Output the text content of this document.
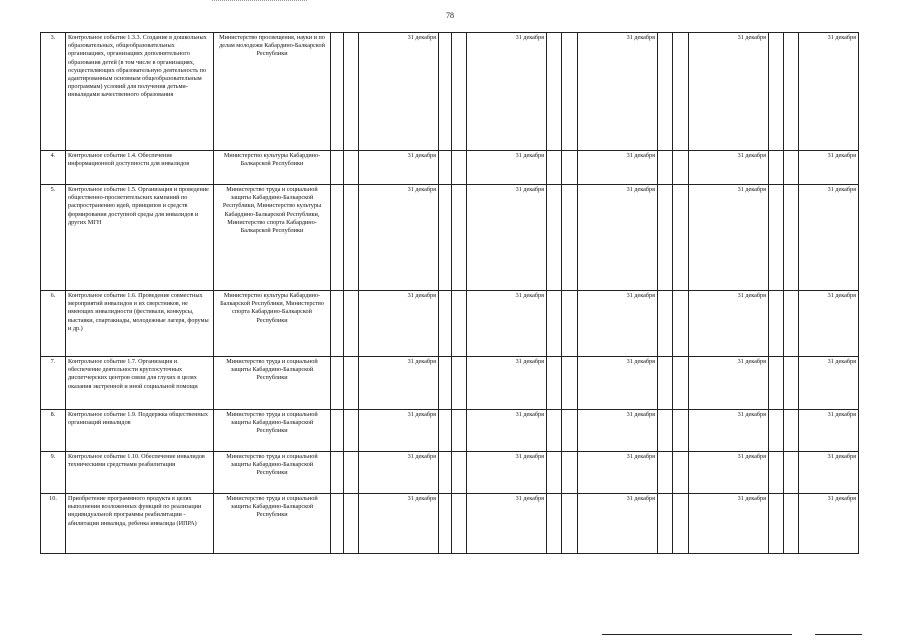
78
3.	Контрольное событие 1.3.3. Создание в дошкольных образовательных, общеобразовательных организациях, организациях дополнительного образования детей (в том числе в организациях, осуществляющих образовательную деятельность по адаптированным основным общеобразовательным программам) условий для получения детьми-инвалидами качественного образования	Министерство просвещения, науки и по делам молодежи Кабардино-Балкарской Республики			31 декабря			31 декабря			31 декабря			31 декабря			31 декабря
4.	Контрольное событие 1.4. Обеспечение информационной доступности для инвалидов	Министерство культуры Кабардино-Балкарской Республики			31 декабря			31 декабря			31 декабря			31 декабря			31 декабря
5.	Контрольное событие 1.5. Организация и проведение общественно-просветительских кампаний по распространению идей, принципов и средств формирования доступной среды для инвалидов и других МГН	Министерство труда и социальной защиты Кабардино-Балкарской Республики, Министерство культуры Кабардино-Балкарской Республики, Министерство спорта Кабардино-Балкарской Республики			31 декабря			31 декабря			31 декабря			31 декабря			31 декабря
6.	Контрольное событие 1.6. Проведение совместных мероприятий инвалидов и их сверстников, не имеющих инвалидности (фестивали, конкурсы, выставки, спартакиады, молодежные лагеря, форумы и др.)	Министерство культуры Кабардино-Балкарской Республики, Министерство спорта Кабардино-Балкарской Республики			31 декабря			31 декабря			31 декабря			31 декабря			31 декабря
7.	Контрольное событие 1.7. Организация и обеспечение деятельности круглосуточных диспетчерских центров связи для глухих в целях оказания экстренной и иной социальной помощи	Министерство труда и социальной защиты Кабардино-Балкарской Республики			31 декабря			31 декабря			31 декабря			31 декабря			31 декабря
8.	Контрольное событие 1.9. Поддержка общественных организаций инвалидов	Министерство труда и социальной защиты Кабардино-Балкарской Республики			31 декабря			31 декабря			31 декабря			31 декабря			31 декабря
9.	Контрольное событие 1.10. Обеспечение инвалидов техническими средствами реабилитации	Министерство труда и социальной защиты Кабардино-Балкарской Республики			31 декабря			31 декабря			31 декабря			31 декабря			31 декабря
10.	Приобретение программного продукта в целях выполнения возложенных функций по реализации индивидуальной программы реабилитации - абилитации инвалида, ребенка инвалида (ИПРА)	Министерство труда и социальной защиты Кабардино-Балкарской Республики			31 декабря			31 декабря			31 декабря			31 декабря			31 декабря
